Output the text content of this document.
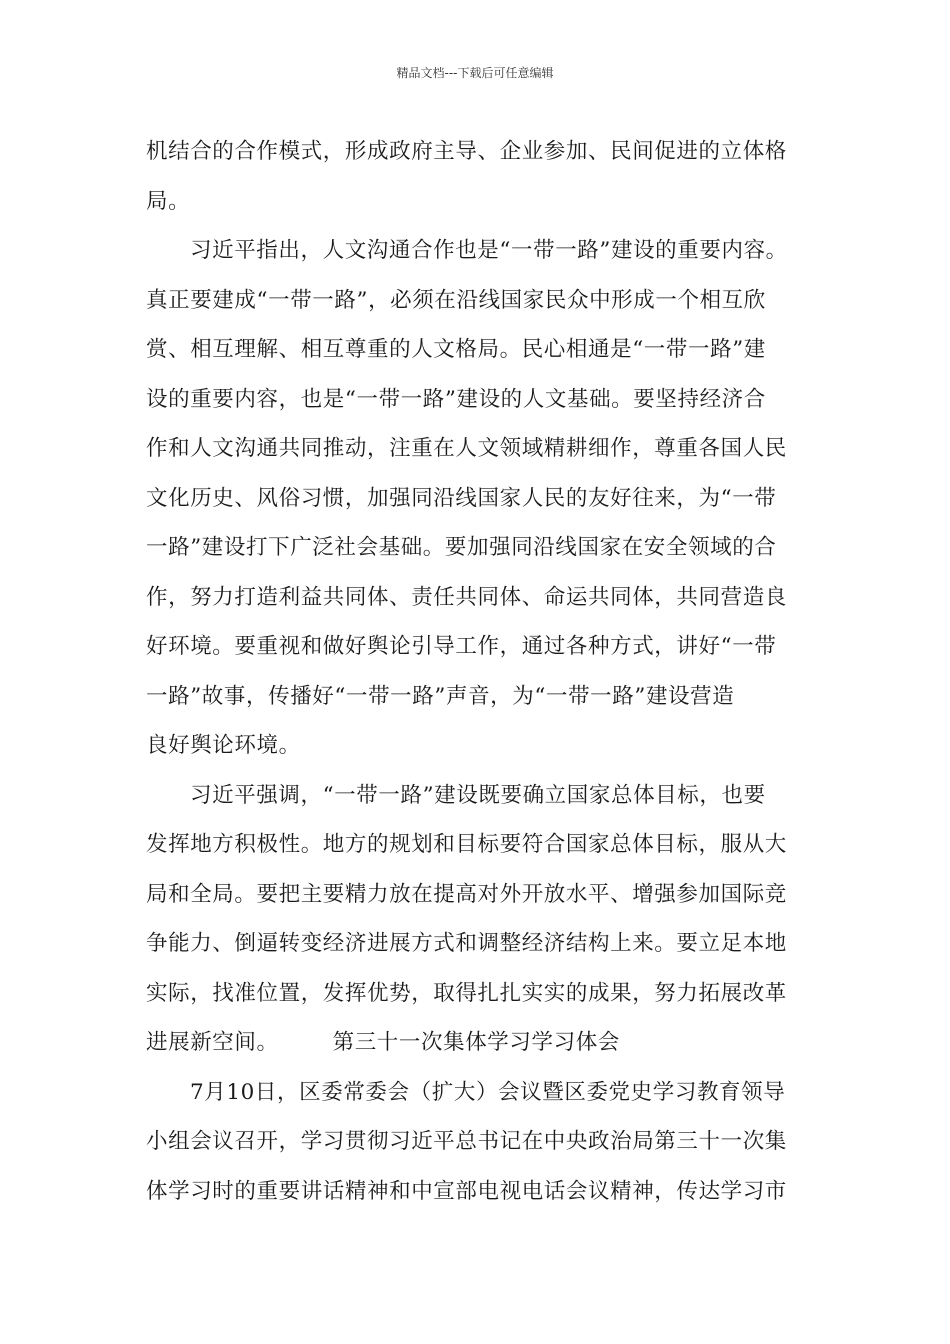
精品文档---下载后可任意编辑
机结合的合作模式，形成政府主导、企业参加、民间促进的立体格
局。
习近平指出，人文沟通合作也是“一带一路”建设的重要内容。
真正要建成“一带一路”，必须在沿线国家民众中形成一个相互欣
赏、相互理解、相互尊重的人文格局。民心相通是“一带一路”建
设的重要内容，也是“一带一路”建设的人文基础。要坚持经济合
作和人文沟通共同推动，注重在人文领域精耕细作，尊重各国人民
文化历史、风俗习惯，加强同沿线国家人民的友好往来，为“一带
一路”建设打下广泛社会基础。要加强同沿线国家在安全领域的合
作，努力打造利益共同体、责任共同体、命运共同体，共同营造良
好环境。要重视和做好舆论引导工作，通过各种方式，讲好“一带
一路”故事，传播好“一带一路”声音，为“一带一路”建设营造
良好舆论环境。
习近平强调，“一带一路”建设既要确立国家总体目标，也要
发挥地方积极性。地方的规划和目标要符合国家总体目标，服从大
局和全局。要把主要精力放在提高对外开放水平、增强参加国际竞
争能力、倒逼转变经济进展方式和调整经济结构上来。要立足本地
实际，找准位置，发挥优势，取得扎扎实实的成果，努力拓展改革
进展新空间。	第三十一次集体学习学习体会
7月10日，区委常委会（扩大）会议暨区委党史学习教育领导
小组会议召开，学习贯彻习近平总书记在中央政治局第三十一次集
体学习时的重要讲话精神和中宣部电视电话会议精神，传达学习市
